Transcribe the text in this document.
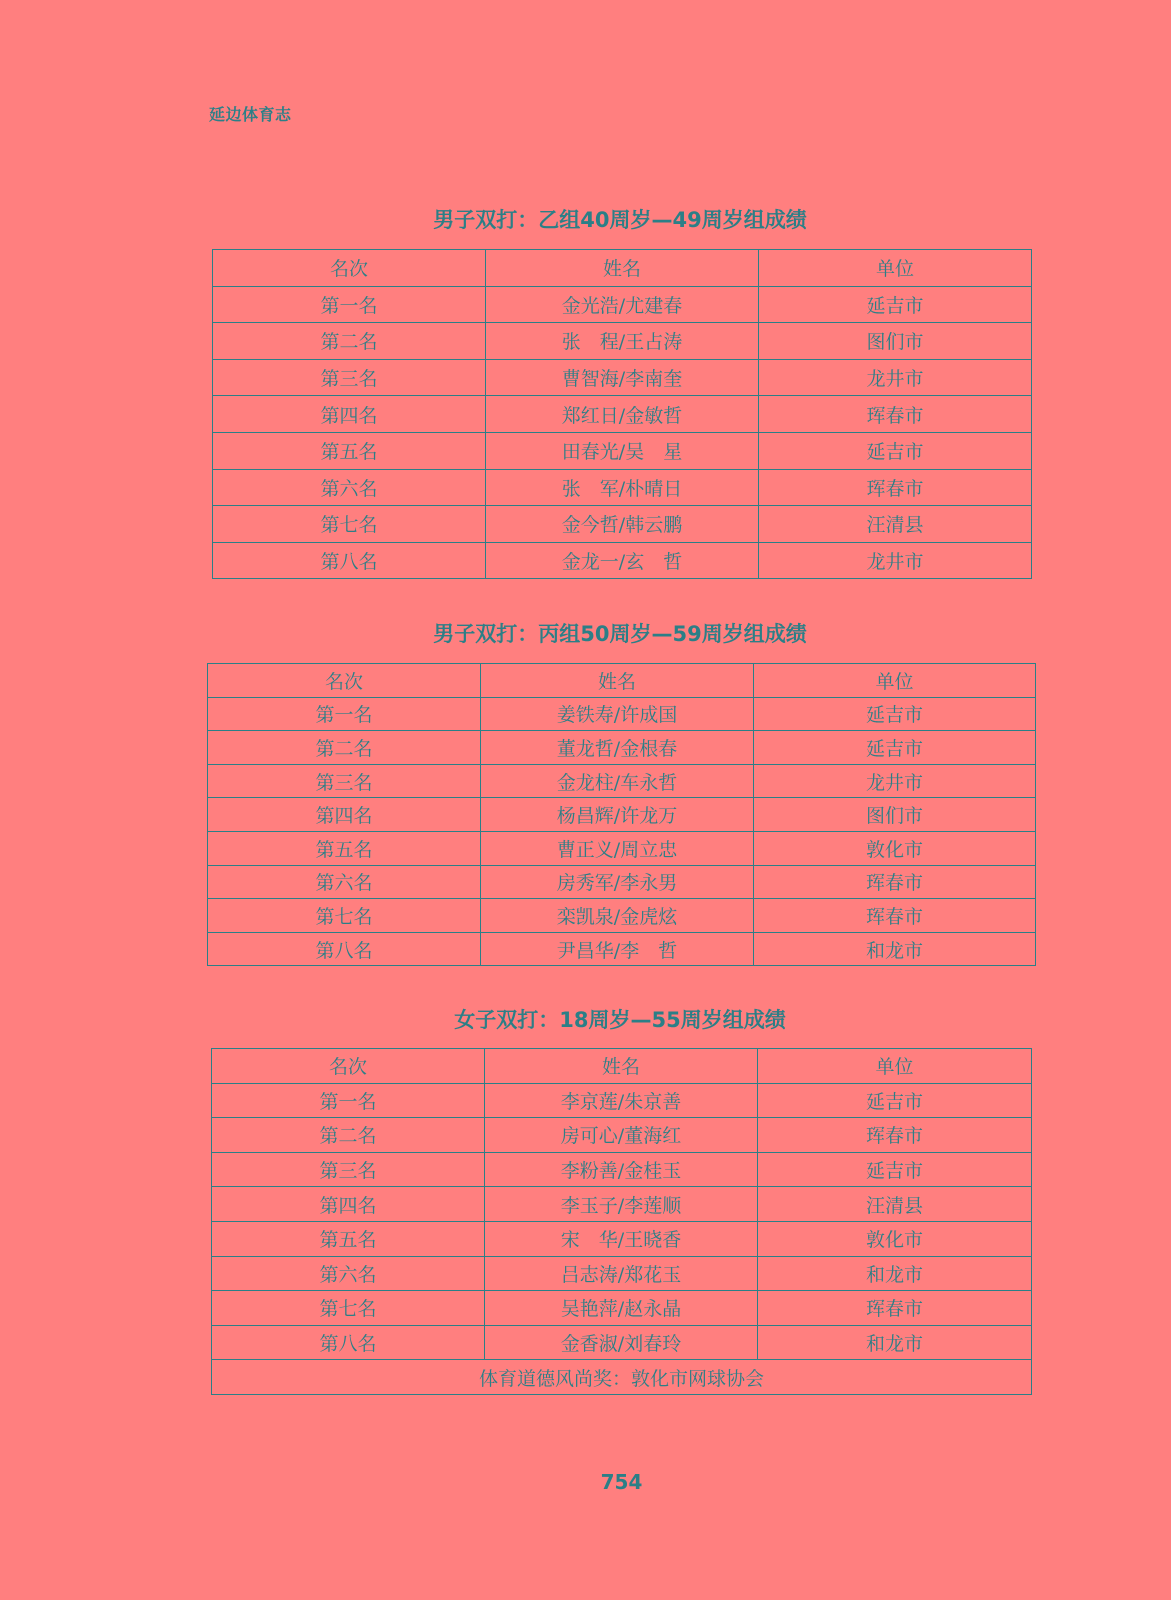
延边体育志
男子双打：乙组40周岁—49周岁组成绩
名次	姓名	单位
第一名	金光浩/尤建春	延吉市
第二名	张　程/王占涛	图们市
第三名	曹智海/李南奎	龙井市
第四名	郑红日/金敏哲	珲春市
第五名	田春光/吴　星	延吉市
第六名	张　军/朴晴日	珲春市
第七名	金今哲/韩云鹏	汪清县
第八名	金龙一/玄　哲	龙井市
男子双打：丙组50周岁—59周岁组成绩
名次	姓名	单位
第一名	姜铁寿/许成国	延吉市
第二名	董龙哲/金根春	延吉市
第三名	金龙柱/车永哲	龙井市
第四名	杨昌辉/许龙万	图们市
第五名	曹正义/周立忠	敦化市
第六名	房秀军/李永男	珲春市
第七名	栾凯泉/金虎炫	珲春市
第八名	尹昌华/李　哲	和龙市
女子双打：18周岁—55周岁组成绩
名次	姓名	单位
第一名	李京莲/朱京善	延吉市
第二名	房可心/董海红	珲春市
第三名	李粉善/金桂玉	延吉市
第四名	李玉子/李莲顺	汪清县
第五名	宋　华/王晓香	敦化市
第六名	吕志涛/郑花玉	和龙市
第七名	吴艳萍/赵永晶	珲春市
第八名	金香淑/刘春玲	和龙市
体育道德风尚奖：敦化市网球协会		
754
